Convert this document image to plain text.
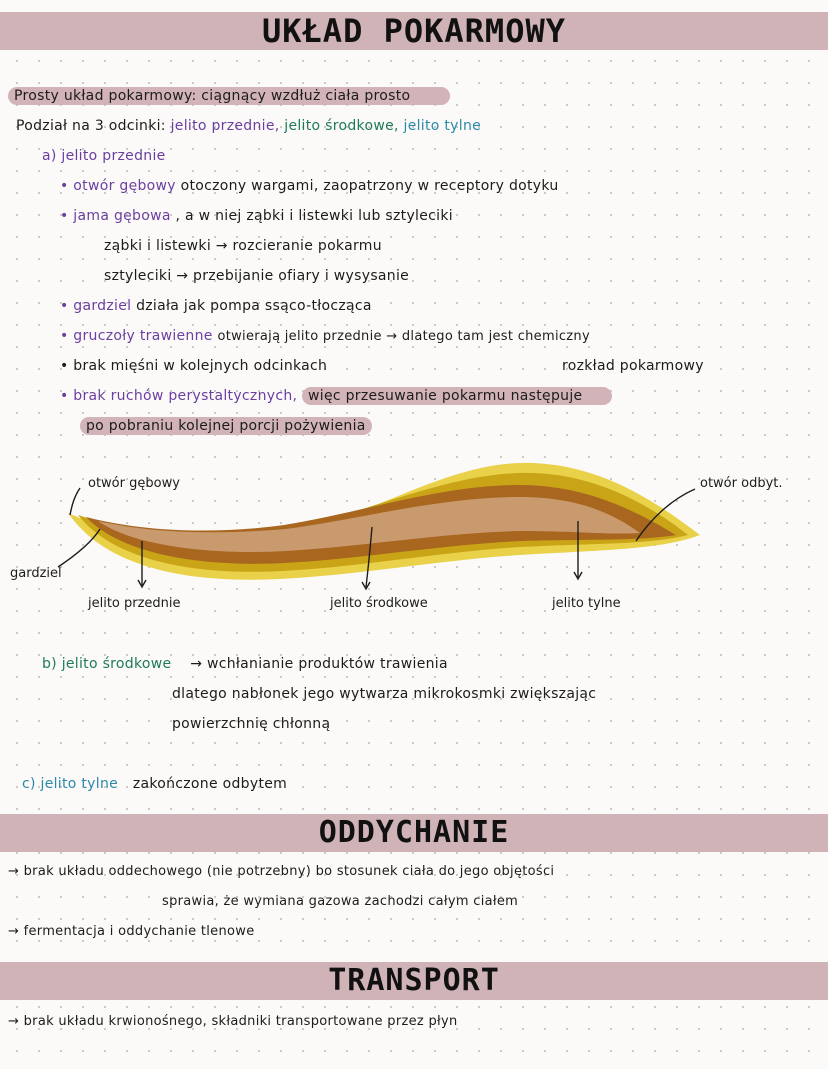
UKŁAD POKARMOWY
Prosty układ pokarmowy: ciągnący wzdłuż ciała prosto
Podział na 3 odcinki: jelito przednie, jelito środkowe, jelito tylne
a) jelito przednie
• otwór gębowy otoczony wargami, zaopatrzony w receptory dotyku
• jama gębowa , a w niej ząbki i listewki lub sztyleciki
ząbki i listewki → rozcieranie pokarmu
sztyleciki → przebijanie ofiary i wysysanie
• gardziel działa jak pompa ssąco-tłocząca
• gruczoły trawienne otwierają jelito przednie → dlatego tam jest chemiczny
• brak mięśni w kolejnych odcinkach	rozkład pokarmowy
• brak ruchów perystaltycznych, więc przesuwanie pokarmu następuje
po pobraniu kolejnej porcji pożywienia
otwór gębowy	otwór odbyt.
gardziel
jelito przednie	jelito środkowe	jelito tylne
b) jelito środkowe → wchłanianie produktów trawienia
dlatego nabłonek jego wytwarza mikrokosmki zwiększając
powierzchnię chłonną
c) jelito tylne zakończone odbytem
ODDYCHANIE
→ brak układu oddechowego (nie potrzebny) bo stosunek ciała do jego objętości
sprawia, że wymiana gazowa zachodzi całym ciałem
→ fermentacja i oddychanie tlenowe
TRANSPORT
→ brak układu krwionośnego, składniki transportowane przez płyn
